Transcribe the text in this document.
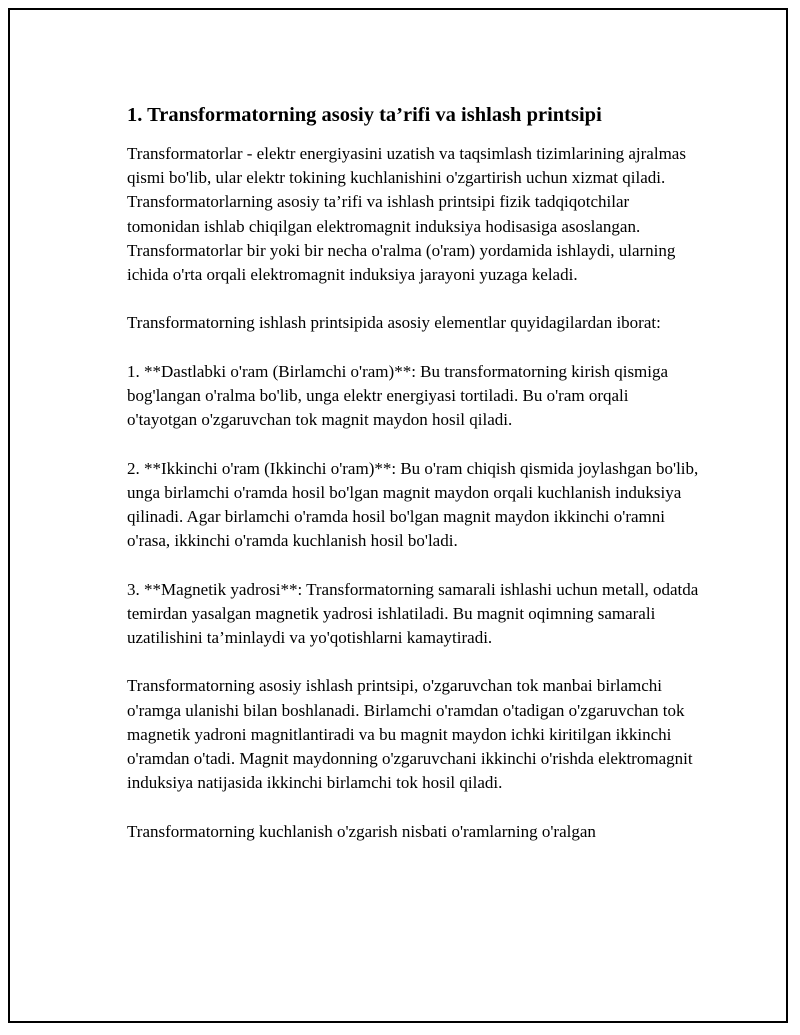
1. Transformatorning asosiy ta’rifi va ishlash printsipi

Transformatorlar - elektr energiyasini uzatish va taqsimlash tizimlarining ajralmas qismi bo'lib, ular elektr tokining kuchlanishini o'zgartirish uchun xizmat qiladi. Transformatorlarning asosiy ta’rifi va ishlash printsipi fizik tadqiqotchilar tomonidan ishlab chiqilgan elektromagnit induksiya hodisasiga asoslangan. Transformatorlar bir yoki bir necha o'ralma (o'ram) yordamida ishlaydi, ularning ichida o'rta orqali elektromagnit induksiya jarayoni yuzaga keladi.

Transformatorning ishlash printsipida asosiy elementlar quyidagilardan iborat:

1. **Dastlabki o'ram (Birlamchi o'ram)**: Bu transformatorning kirish qismiga bog'langan o'ralma bo'lib, unga elektr energiyasi tortiladi. Bu o'ram orqali o'tayotgan o'zgaruvchan tok magnit maydon hosil qiladi.

2. **Ikkinchi o'ram (Ikkinchi o'ram)**: Bu o'ram chiqish qismida joylashgan bo'lib, unga birlamchi o'ramda hosil bo'lgan magnit maydon orqali kuchlanish induksiya qilinadi. Agar birlamchi o'ramda hosil bo'lgan magnit maydon ikkinchi o'ramni o'rasa, ikkinchi o'ramda kuchlanish hosil bo'ladi.

3. **Magnetik yadrosi**: Transformatorning samarali ishlashi uchun metall, odatda temirdan yasalgan magnetik yadrosi ishlatiladi. Bu magnit oqimning samarali uzatilishini ta’minlaydi va yo'qotishlarni kamaytiradi.

Transformatorning asosiy ishlash printsipi, o'zgaruvchan tok manbai birlamchi o'ramga ulanishi bilan boshlanadi. Birlamchi o'ramdan o'tadigan o'zgaruvchan tok magnetik yadroni magnitlantiradi va bu magnit maydon ichki kiritilgan ikkinchi o'ramdan o'tadi. Magnit maydonning o'zgaruvchani ikkinchi o'rishda elektromagnit induksiya natijasida ikkinchi birlamchi tok hosil qiladi.

Transformatorning kuchlanish o'zgarish nisbati o'ramlarning o'ralgan
